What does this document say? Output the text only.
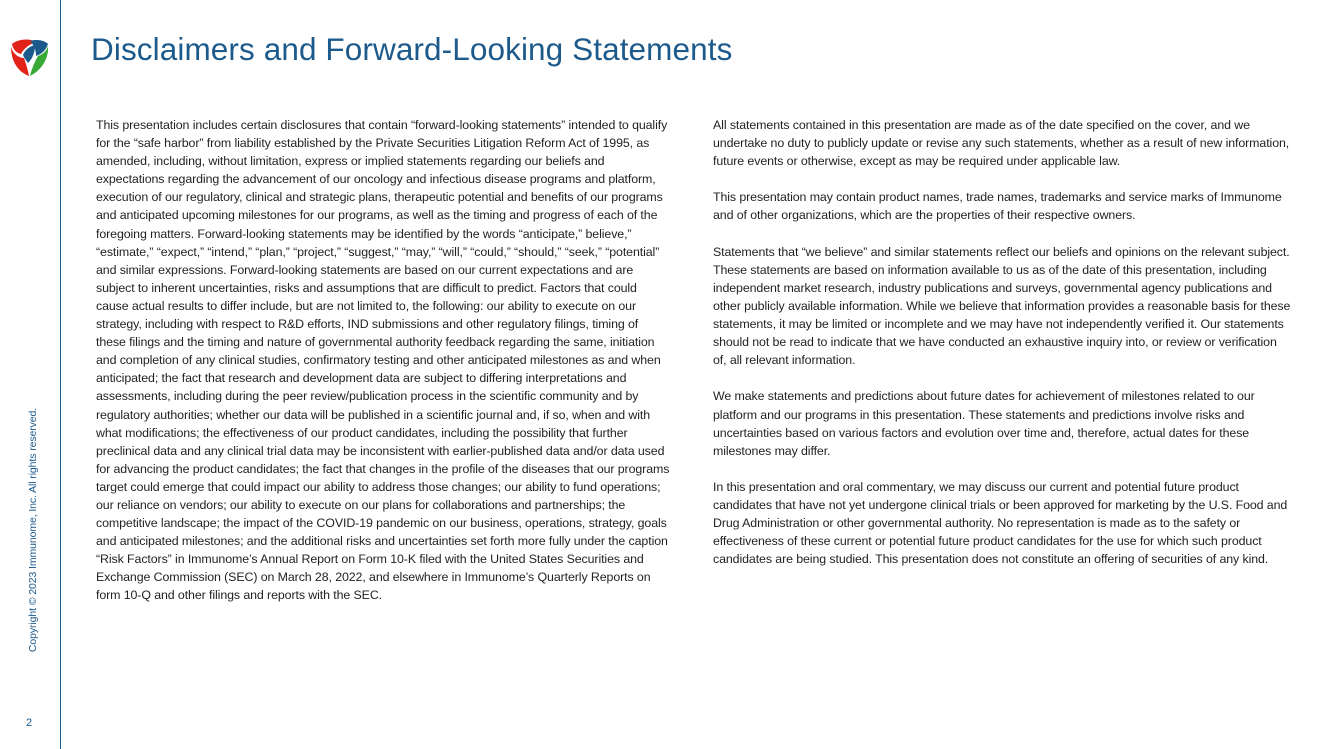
Copyright © 2023 Immunome, Inc. All rights reserved.
2
Disclaimers and Forward-Looking Statements

This presentation includes certain disclosures that contain “forward-looking statements” intended to qualify for the “safe harbor” from liability established by the Private Securities Litigation Reform Act of 1995, as amended, including, without limitation, express or implied statements regarding our beliefs and expectations regarding the advancement of our oncology and infectious disease programs and platform, execution of our regulatory, clinical and strategic plans, therapeutic potential and benefits of our programs and anticipated upcoming milestones for our programs, as well as the timing and progress of each of the foregoing matters. Forward-looking statements may be identified by the words “anticipate,” believe,” “estimate,” “expect,” “intend,” “plan,” “project,” “suggest,” “may,” “will,” “could,” “should,” “seek,” “potential” and similar expressions. Forward-looking statements are based on our current expectations and are subject to inherent uncertainties, risks and assumptions that are difficult to predict. Factors that could cause actual results to differ include, but are not limited to, the following: our ability to execute on our strategy, including with respect to R&D efforts, IND submissions and other regulatory filings, timing of these filings and the timing and nature of governmental authority feedback regarding the same, initiation and completion of any clinical studies, confirmatory testing and other anticipated milestones as and when anticipated; the fact that research and development data are subject to differing interpretations and assessments, including during the peer review/publication process in the scientific community and by regulatory authorities; whether our data will be published in a scientific journal and, if so, when and with what modifications; the effectiveness of our product candidates, including the possibility that further preclinical data and any clinical trial data may be inconsistent with earlier-published data and/or data used for advancing the product candidates; the fact that changes in the profile of the diseases that our programs target could emerge that could impact our ability to address those changes; our ability to fund operations; our reliance on vendors; our ability to execute on our plans for collaborations and partnerships; the competitive landscape; the impact of the COVID-19 pandemic on our business, operations, strategy, goals and anticipated milestones; and the additional risks and uncertainties set forth more fully under the caption “Risk Factors” in Immunome’s Annual Report on Form 10-K filed with the United States Securities and Exchange Commission (SEC) on March 28, 2022, and elsewhere in Immunome’s Quarterly Reports on form 10-Q and other filings and reports with the SEC.

All statements contained in this presentation are made as of the date specified on the cover, and we undertake no duty to publicly update or revise any such statements, whether as a result of new information, future events or otherwise, except as may be required under applicable law.

This presentation may contain product names, trade names, trademarks and service marks of Immunome and of other organizations, which are the properties of their respective owners.

Statements that “we believe” and similar statements reflect our beliefs and opinions on the relevant subject. These statements are based on information available to us as of the date of this presentation, including independent market research, industry publications and surveys, governmental agency publications and other publicly available information. While we believe that information provides a reasonable basis for these statements, it may be limited or incomplete and we may have not independently verified it. Our statements should not be read to indicate that we have conducted an exhaustive inquiry into, or review or verification of, all relevant information.

We make statements and predictions about future dates for achievement of milestones related to our platform and our programs in this presentation. These statements and predictions involve risks and uncertainties based on various factors and evolution over time and, therefore, actual dates for these milestones may differ.

In this presentation and oral commentary, we may discuss our current and potential future product candidates that have not yet undergone clinical trials or been approved for marketing by the U.S. Food and Drug Administration or other governmental authority. No representation is made as to the safety or effectiveness of these current or potential future product candidates for the use for which such product candidates are being studied. This presentation does not constitute an offering of securities of any kind.
